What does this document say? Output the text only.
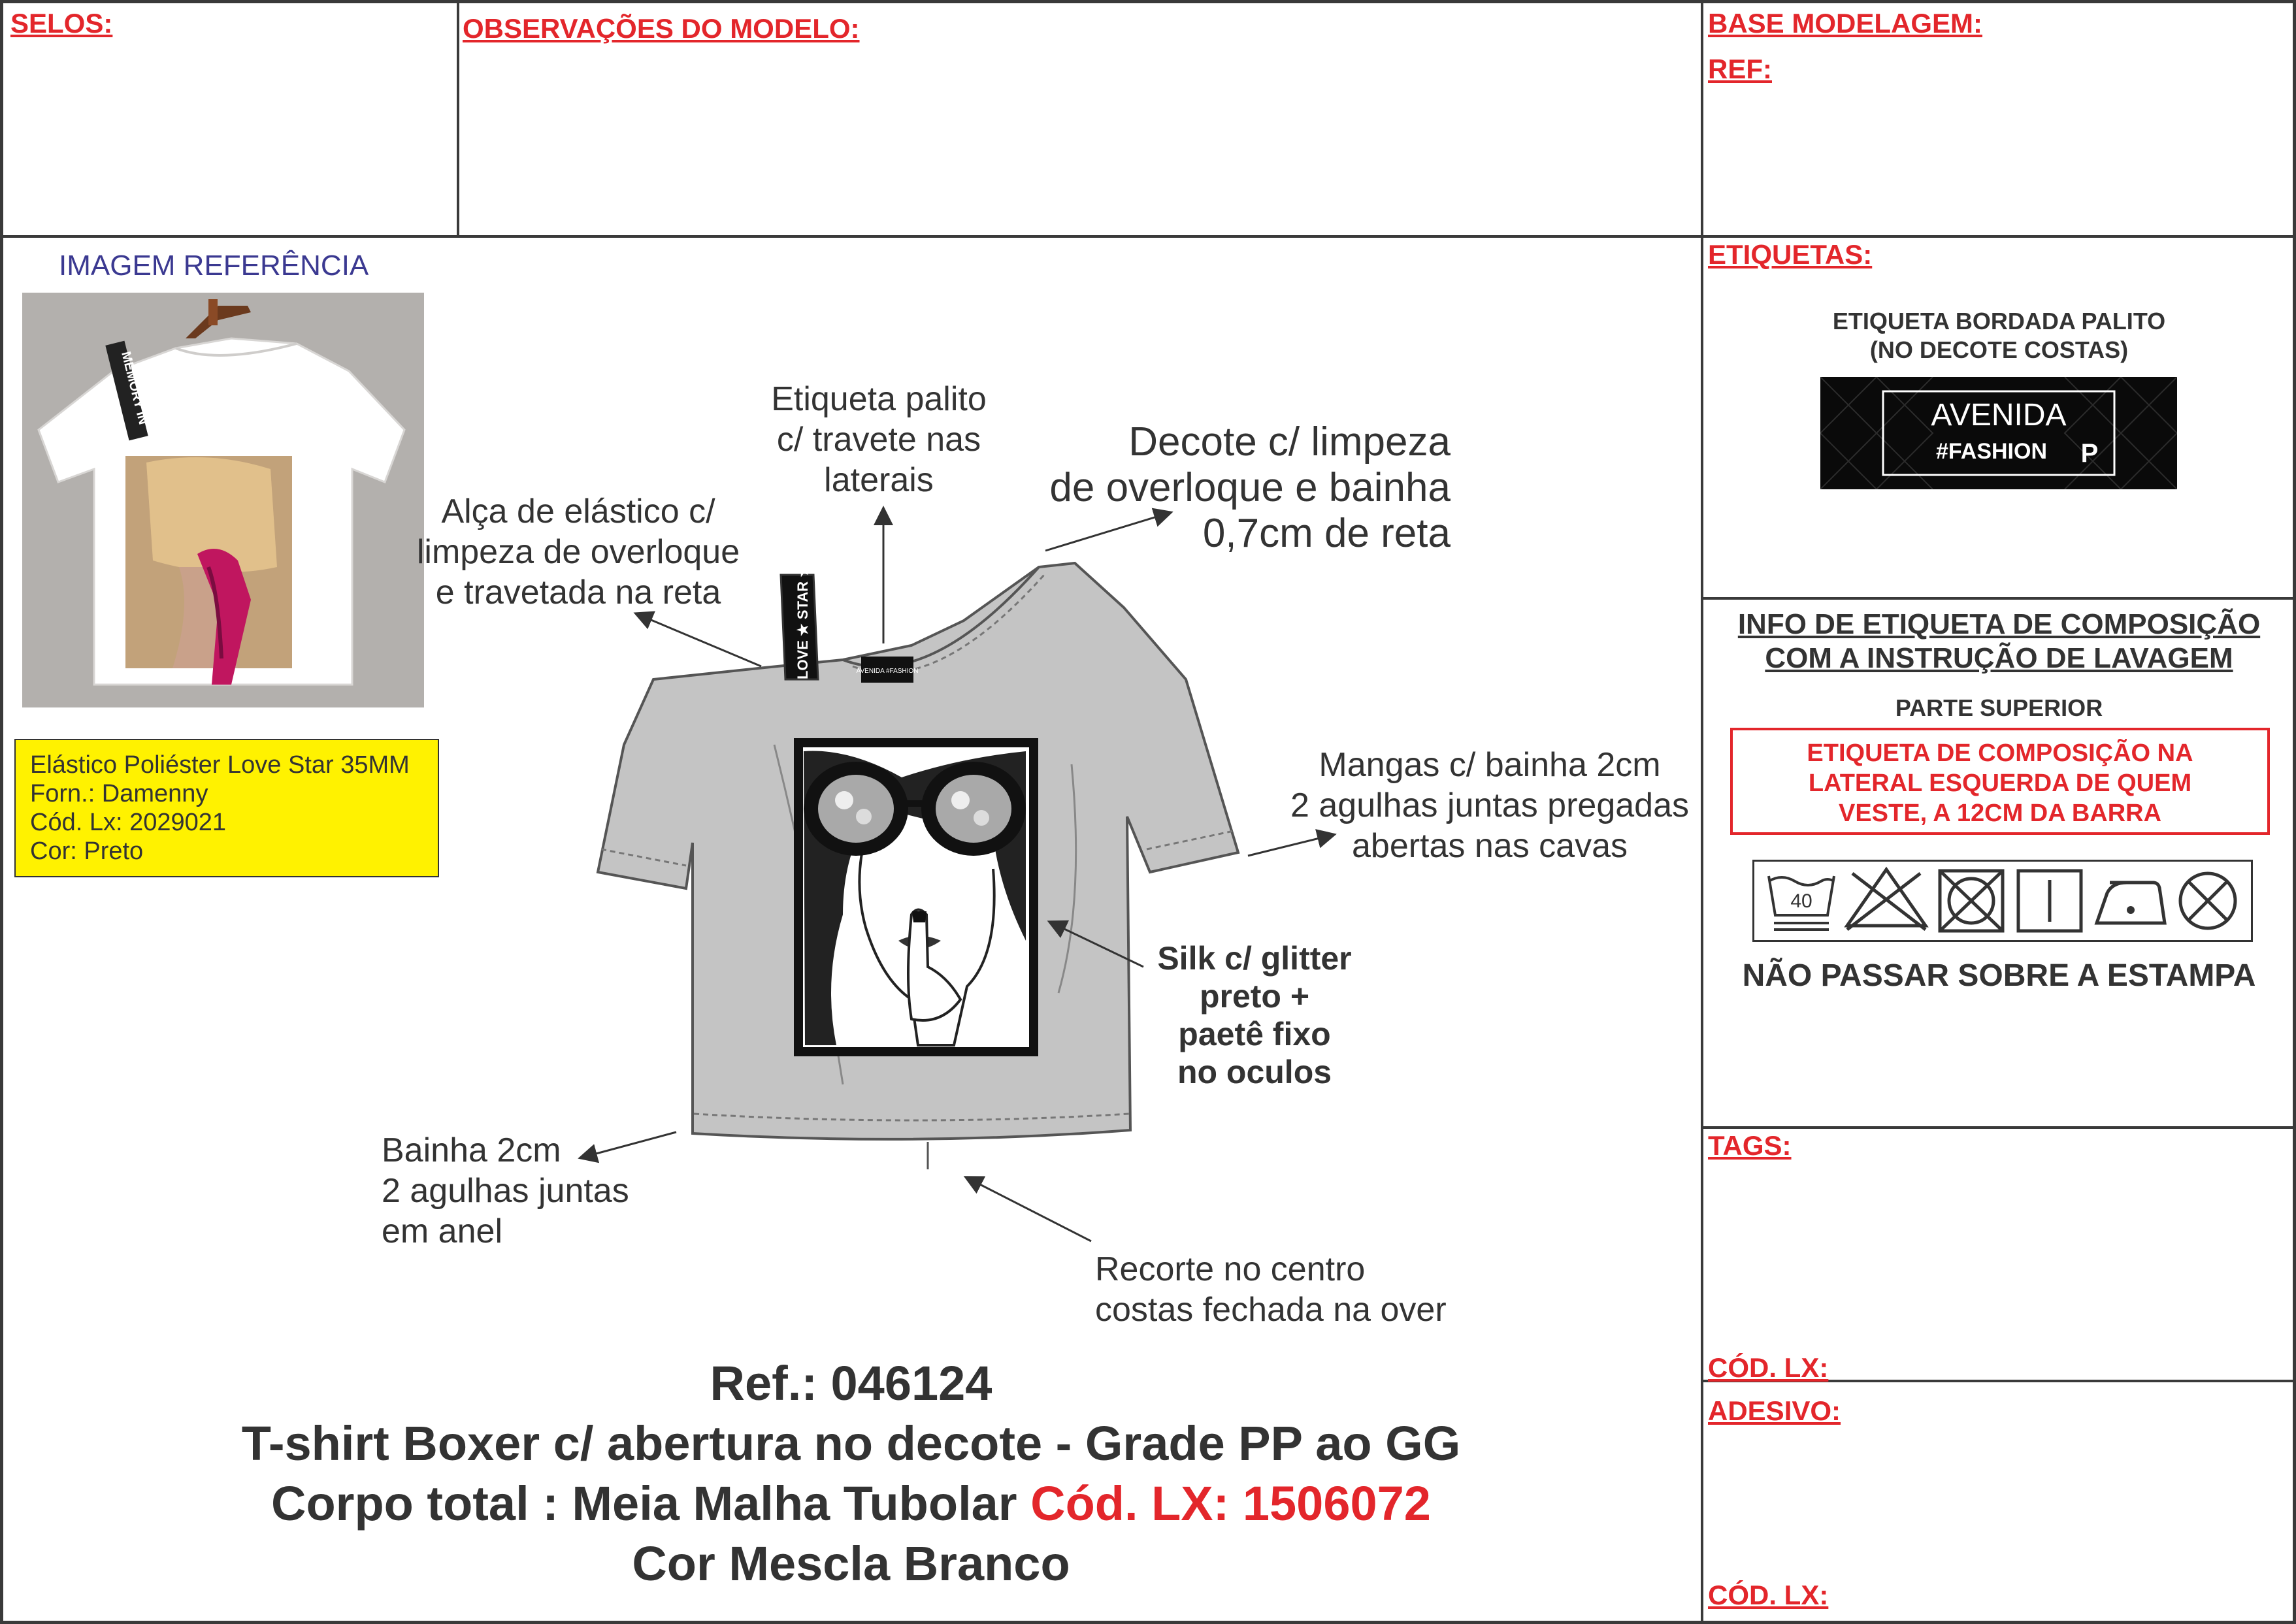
SELOS:	OBSERVAÇÕES DO MODELO:	BASE MODELAGEM:
REF:
IMAGEM REFERÊNCIA
MEMORY IN
Elástico Poliéster Love Star 35MM
Forn.: Damenny
Cód. Lx: 2029021
Cor: Preto
LOVE ★ STAR ★	AVENIDA #FASHION
Etiqueta palito
c/ travete nas
laterais
Decote c/ limpeza
de overloque e bainha
0,7cm de reta
Alça de elástico c/
limpeza de overloque
e travetada na reta
Mangas c/ bainha 2cm
2 agulhas juntas pregadas
abertas nas cavas
Silk c/ glitter
preto +
paetê fixo
no oculos
Bainha 2cm
2 agulhas juntas
em anel
Recorte no centro
costas fechada na over
Ref.: 046124
T-shirt Boxer c/ abertura no decote - Grade PP ao GG
Corpo total : Meia Malha Tubolar Cód. LX: 1506072
Cor Mescla Branco
ETIQUETAS:
ETIQUETA BORDADA PALITO
(NO DECOTE COSTAS)
AVENIDA
#FASHION P
INFO DE ETIQUETA DE COMPOSIÇÃO
COM A INSTRUÇÃO DE LAVAGEM
PARTE SUPERIOR
ETIQUETA DE COMPOSIÇÃO NA
LATERAL ESQUERDA DE QUEM
VESTE, A 12CM DA BARRA
40
NÃO PASSAR SOBRE A ESTAMPA
TAGS:
CÓD. LX:
ADESIVO:
CÓD. LX:
